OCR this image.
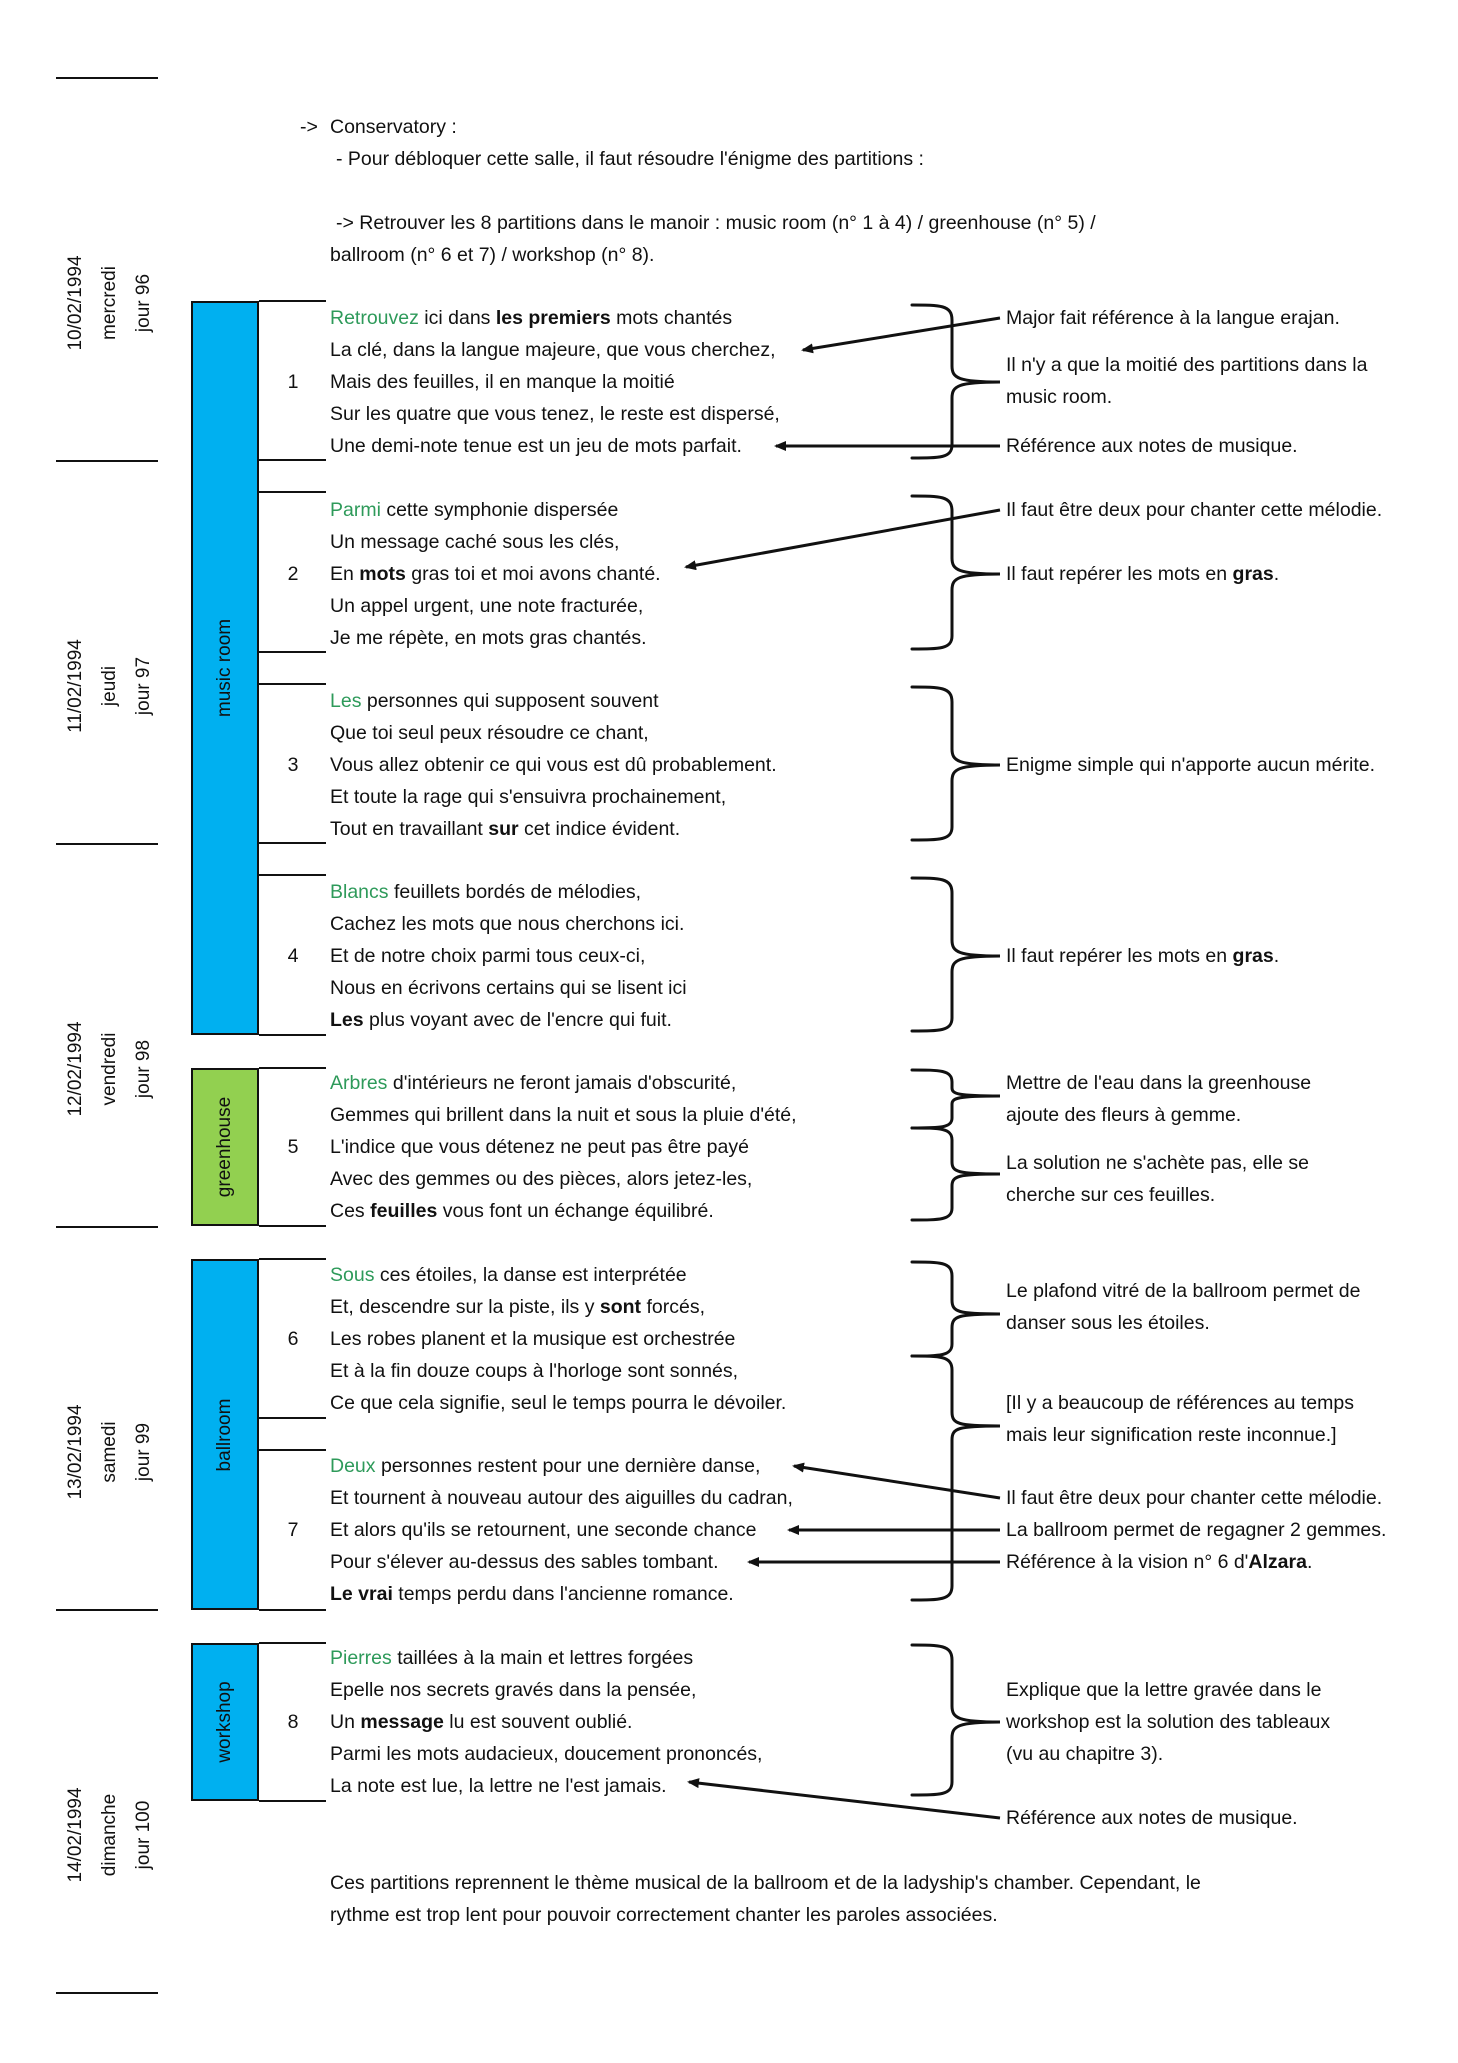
10/02/1994 mercredi jour 96
11/02/1994 jeudi jour 97
12/02/1994 vendredi jour 98
13/02/1994 samedi jour 99
14/02/1994 dimanche jour 100
-> Conservatory :
- Pour débloquer cette salle, il faut résoudre l'énigme des partitions :
-> Retrouver les 8 partitions dans le manoir : music room (n° 1 à 4) / greenhouse (n° 5) /
ballroom (n° 6 et 7) / workshop (n° 8).
music room
greenhouse
ballroom
workshop
1
2
3
4
5
6
7
8
Retrouvez ici dans les premiers mots chantés
La clé, dans la langue majeure, que vous cherchez,
Mais des feuilles, il en manque la moitié
Sur les quatre que vous tenez, le reste est dispersé,
Une demi-note tenue est un jeu de mots parfait.
Parmi cette symphonie dispersée
Un message caché sous les clés,
En mots gras toi et moi avons chanté.
Un appel urgent, une note fracturée,
Je me répète, en mots gras chantés.
Les personnes qui supposent souvent
Que toi seul peux résoudre ce chant,
Vous allez obtenir ce qui vous est dû probablement.
Et toute la rage qui s'ensuivra prochainement,
Tout en travaillant sur cet indice évident.
Blancs feuillets bordés de mélodies,
Cachez les mots que nous cherchons ici.
Et de notre choix parmi tous ceux-ci,
Nous en écrivons certains qui se lisent ici
Les plus voyant avec de l'encre qui fuit.
Arbres d'intérieurs ne feront jamais d'obscurité,
Gemmes qui brillent dans la nuit et sous la pluie d'été,
L'indice que vous détenez ne peut pas être payé
Avec des gemmes ou des pièces, alors jetez-les,
Ces feuilles vous font un échange équilibré.
Sous ces étoiles, la danse est interprétée
Et, descendre sur la piste, ils y sont forcés,
Les robes planent et la musique est orchestrée
Et à la fin douze coups à l'horloge sont sonnés,
Ce que cela signifie, seul le temps pourra le dévoiler.
Deux personnes restent pour une dernière danse,
Et tournent à nouveau autour des aiguilles du cadran,
Et alors qu'ils se retournent, une seconde chance
Pour s'élever au-dessus des sables tombant.
Le vrai temps perdu dans l'ancienne romance.
Pierres taillées à la main et lettres forgées
Epelle nos secrets gravés dans la pensée,
Un message lu est souvent oublié.
Parmi les mots audacieux, doucement prononcés,
La note est lue, la lettre ne l'est jamais.
Major fait référence à la langue erajan.
Il n'y a que la moitié des partitions dans la
music room.
Référence aux notes de musique.
Il faut être deux pour chanter cette mélodie.
Il faut repérer les mots en gras.
Enigme simple qui n'apporte aucun mérite.
Il faut repérer les mots en gras.
Mettre de l'eau dans la greenhouse
ajoute des fleurs à gemme.
La solution ne s'achète pas, elle se
cherche sur ces feuilles.
Le plafond vitré de la ballroom permet de
danser sous les étoiles.
[Il y a beaucoup de références au temps
mais leur signification reste inconnue.]
Il faut être deux pour chanter cette mélodie.
La ballroom permet de regagner 2 gemmes.
Référence à la vision n° 6 d'Alzara.
Explique que la lettre gravée dans le
workshop est la solution des tableaux
(vu au chapitre 3).
Référence aux notes de musique.
Ces partitions reprennent le thème musical de la ballroom et de la ladyship's chamber. Cependant, le
rythme est trop lent pour pouvoir correctement chanter les paroles associées.
